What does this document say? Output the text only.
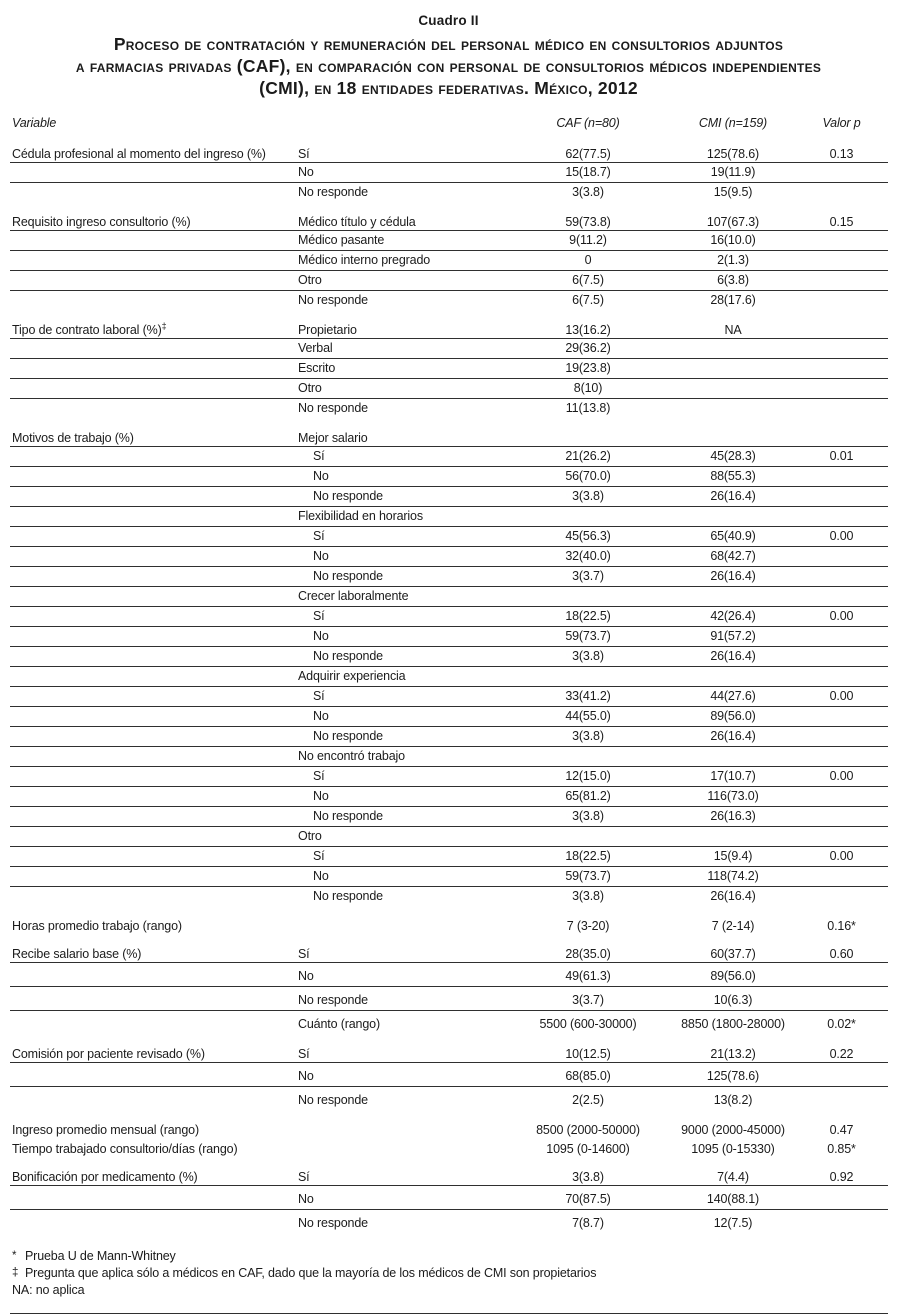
Cuadro II
Proceso de contratación y remuneración del personal médico en consultorios adjuntos
a farmacias privadas (CAF), en comparación con personal de consultorios médicos independientes
(CMI), en 18 entidades federativas. México, 2012
Variable	CAF (n=80)	CMI (n=159)	Valor p
Cédula profesional al momento del ingreso (%)	Sí	62(77.5)	125(78.6)	0.13
No	15(18.7)	19(11.9)
No responde	3(3.8)	15(9.5)
Requisito ingreso consultorio (%)	Médico título y cédula	59(73.8)	107(67.3)	0.15
Médico pasante	9(11.2)	16(10.0)
Médico interno pregrado	0	2(1.3)
Otro	6(7.5)	6(3.8)
No responde	6(7.5)	28(17.6)
Tipo de contrato laboral (%)‡	Propietario	13(16.2)	NA
Verbal	29(36.2)
Escrito	19(23.8)
Otro	8(10)
No responde	11(13.8)
Motivos de trabajo (%)	Mejor salario
Sí	21(26.2)	45(28.3)	0.01
No	56(70.0)	88(55.3)
No responde	3(3.8)	26(16.4)
Flexibilidad en horarios
Sí	45(56.3)	65(40.9)	0.00
No	32(40.0)	68(42.7)
No responde	3(3.7)	26(16.4)
Crecer laboralmente
Sí	18(22.5)	42(26.4)	0.00
No	59(73.7)	91(57.2)
No responde	3(3.8)	26(16.4)
Adquirir experiencia
Sí	33(41.2)	44(27.6)	0.00
No	44(55.0)	89(56.0)
No responde	3(3.8)	26(16.4)
No encontró trabajo
Sí	12(15.0)	17(10.7)	0.00
No	65(81.2)	116(73.0)
No responde	3(3.8)	26(16.3)
Otro
Sí	18(22.5)	15(9.4)	0.00
No	59(73.7)	118(74.2)
No responde	3(3.8)	26(16.4)
Horas promedio trabajo (rango)	7 (3-20)	7 (2-14)	0.16*
Recibe salario base (%)	Sí	28(35.0)	60(37.7)	0.60
No	49(61.3)	89(56.0)
No responde	3(3.7)	10(6.3)
Cuánto (rango)	5500 (600-30000)	8850 (1800-28000)	0.02*
Comisión por paciente revisado (%)	Sí	10(12.5)	21(13.2)	0.22
No	68(85.0)	125(78.6)
No responde	2(2.5)	13(8.2)
Ingreso promedio mensual (rango)	8500 (2000-50000)	9000 (2000-45000)	0.47
Tiempo trabajado consultorio/días (rango)	1095 (0-14600)	1095 (0-15330)	0.85*
Bonificación por medicamento (%)	Sí	3(3.8)	7(4.4)	0.92
No	70(87.5)	140(88.1)
No responde	7(8.7)	12(7.5)
* Prueba U de Mann-Whitney
‡ Pregunta que aplica sólo a médicos en CAF, dado que la mayoría de los médicos de CMI son propietarios
NA: no aplica
